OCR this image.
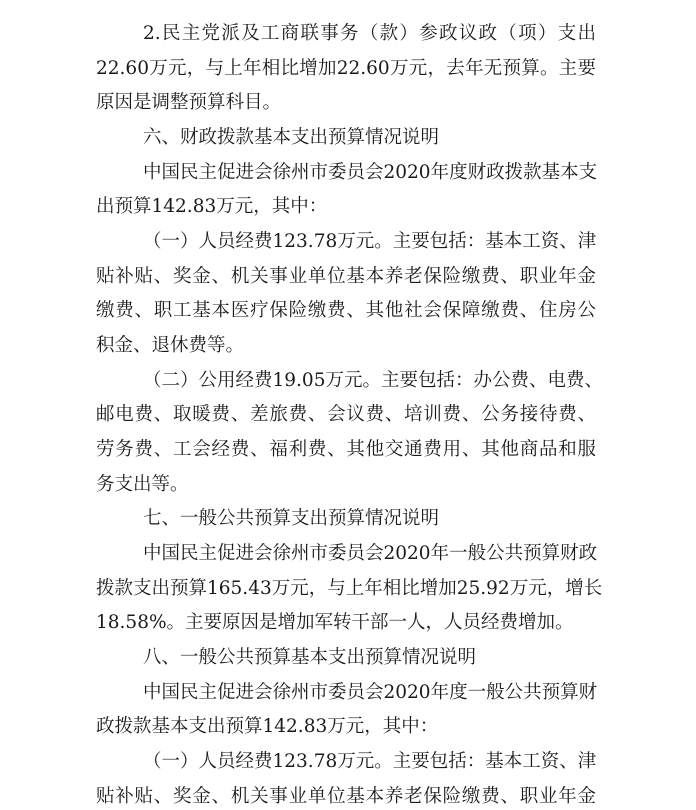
2.民主党派及工商联事务（款）参政议政（项）支出
22.60万元，与上年相比增加22.60万元，去年无预算。主要
原因是调整预算科目。
六、财政拨款基本支出预算情况说明
中国民主促进会徐州市委员会2020年度财政拨款基本支
出预算142.83万元，其中：
（一）人员经费123.78万元。主要包括：基本工资、津
贴补贴、奖金、机关事业单位基本养老保险缴费、职业年金
缴费、职工基本医疗保险缴费、其他社会保障缴费、住房公
积金、退休费等。
（二）公用经费19.05万元。主要包括：办公费、电费、
邮电费、取暖费、差旅费、会议费、培训费、公务接待费、
劳务费、工会经费、福利费、其他交通费用、其他商品和服
务支出等。
七、一般公共预算支出预算情况说明
中国民主促进会徐州市委员会2020年一般公共预算财政
拨款支出预算165.43万元，与上年相比增加25.92万元，增长
18.58%。主要原因是增加军转干部一人，人员经费增加。
八、一般公共预算基本支出预算情况说明
中国民主促进会徐州市委员会2020年度一般公共预算财
政拨款基本支出预算142.83万元，其中：
（一）人员经费123.78万元。主要包括：基本工资、津
贴补贴、奖金、机关事业单位基本养老保险缴费、职业年金
